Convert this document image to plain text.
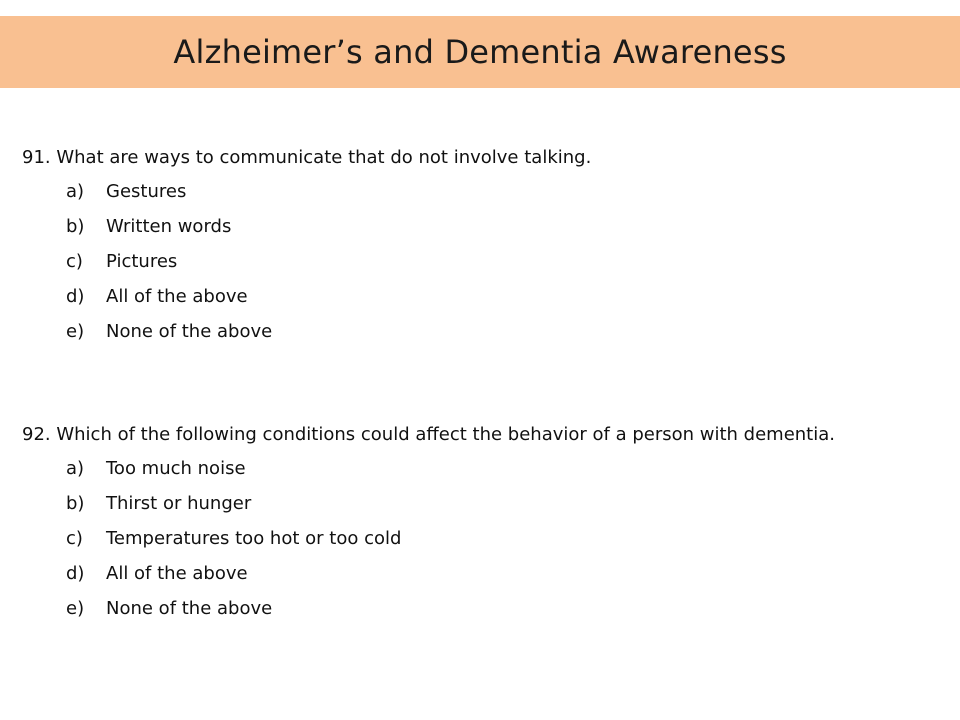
Alzheimer’s and Dementia Awareness

91. What are ways to communicate that do not involve talking.

a)	Gestures
b)	Written words
c)	Pictures
d)	All of the above
e)	None of the above

92. Which of the following conditions could affect the behavior of a person with dementia.

a)	Too much noise
b)	Thirst or hunger
c)	Temperatures too hot or too cold
d)	All of the above
e)	None of the above
